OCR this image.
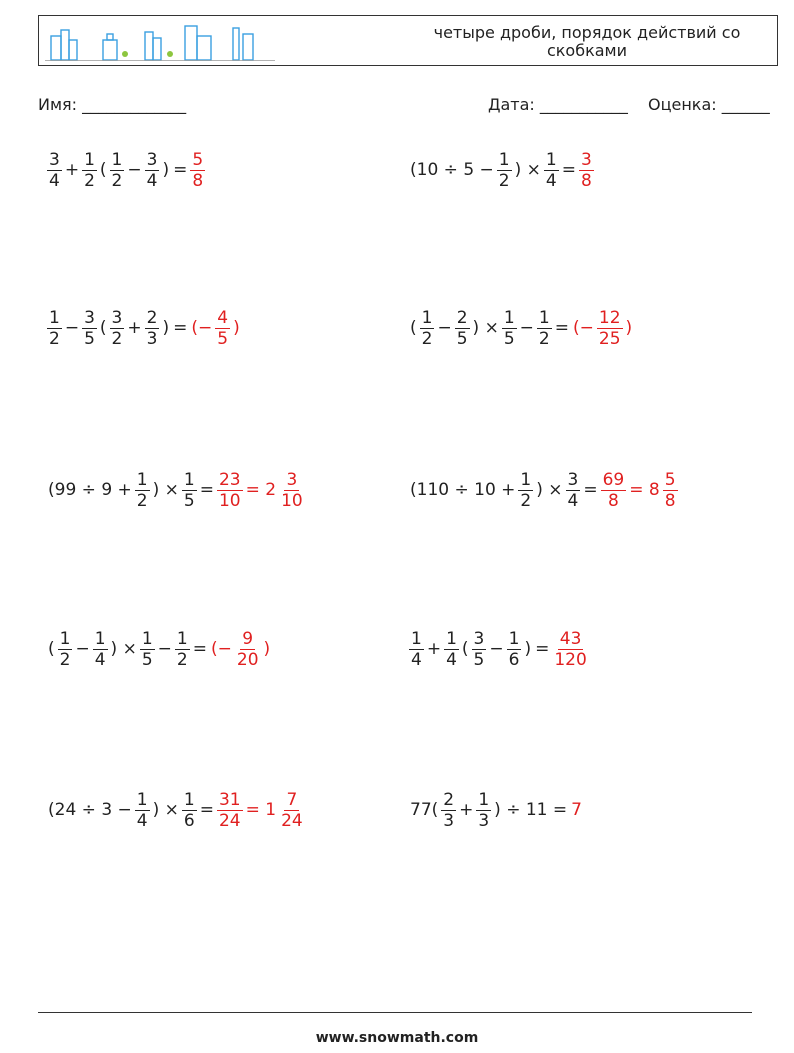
четыре дроби, порядок действий со скобками
Имя: _____________	Дата: ___________ Оценка: ______
$\frac{3}{4} + \frac{1}{2}$ ( $\frac{1}{2} - \frac{3}{4}$ ) = $\frac{5}{8}$	($10 \div 5 - \frac{1}{2}$ ) × $\frac{1}{4} = \frac{3}{8}$
$\frac{1}{2} - \frac{3}{5}$ ( $\frac{3}{2} + \frac{2}{3}$ ) = (− $\frac{4}{5}$ )	( $\frac{1}{2} - \frac{2}{5}$ ) × $\frac{1}{5} - \frac{1}{2}$ = (− $\frac{12}{25}$ )
($99 \div 9 + \frac{1}{2}$ ) × $\frac{1}{5} = \frac{23}{10} = 2 \frac{3}{10}$	($110 \div 10 + \frac{1}{2}$ ) × $\frac{3}{4} = \frac{69}{8} = 8 \frac{5}{8}$
( $\frac{1}{2} - \frac{1}{4}$ ) × $\frac{1}{5} - \frac{1}{2}$ = (− $\frac{9}{20}$ )	$\frac{1}{4} + \frac{1}{4}$ ( $\frac{3}{5} - \frac{1}{6}$ ) = $\frac{43}{120}$
($24 \div 3 - \frac{1}{4}$ ) × $\frac{1}{6} = \frac{31}{24} = 1 \frac{7}{24}$	$77( \frac{2}{3} + \frac{1}{3}$ ) ÷ 11 = 7
www.snowmath.com
